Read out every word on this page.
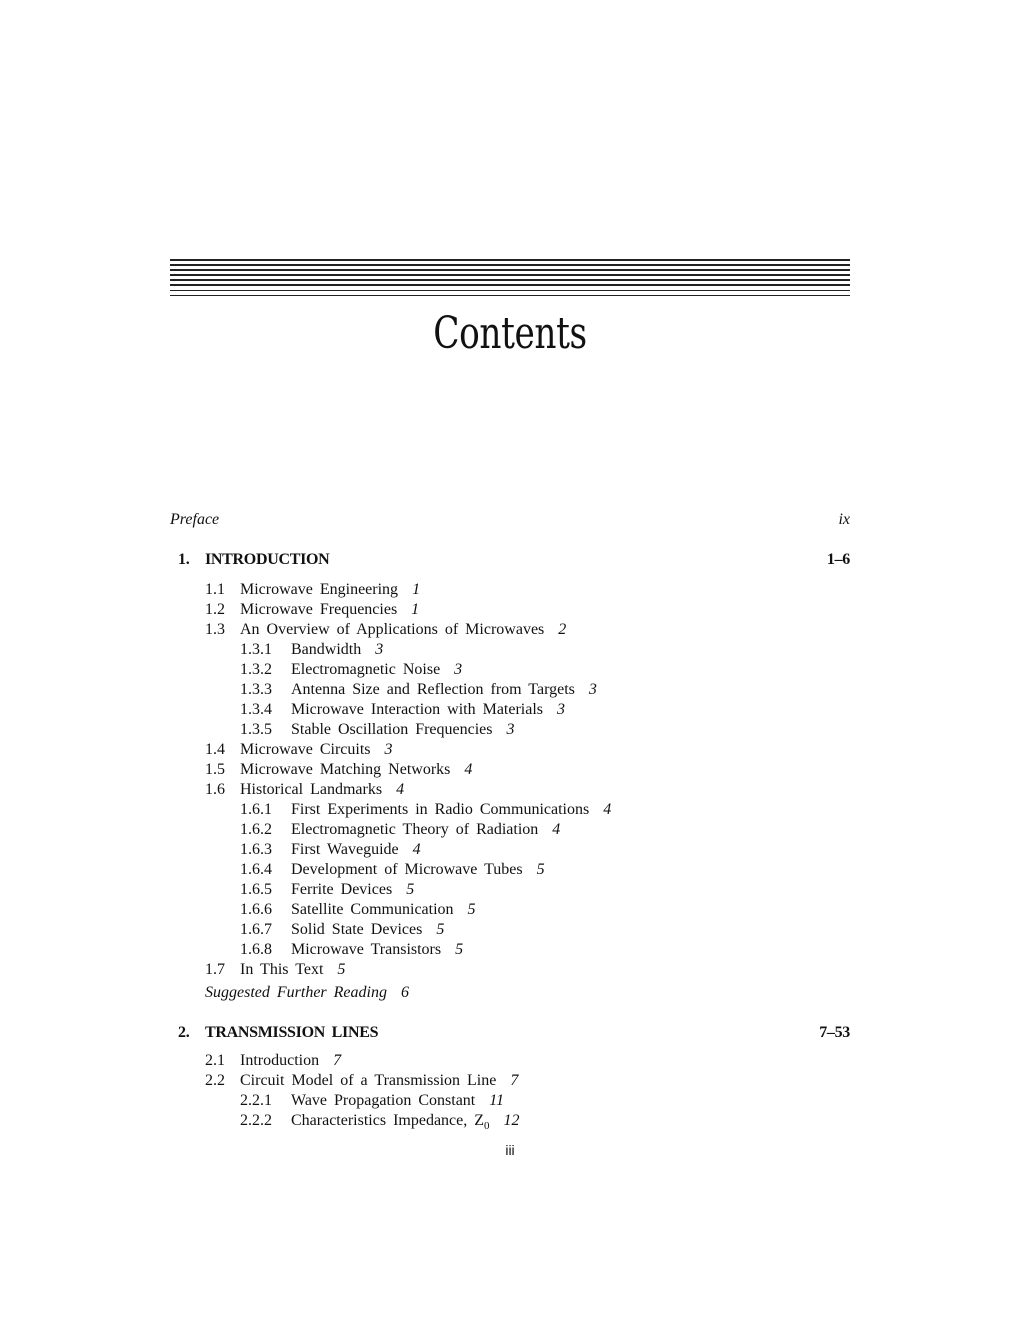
Contents
Preface	ix
1. INTRODUCTION	1–6
1.1 Microwave Engineering 1
1.2 Microwave Frequencies 1
1.3 An Overview of Applications of Microwaves 2
1.3.1 Bandwidth 3
1.3.2 Electromagnetic Noise 3
1.3.3 Antenna Size and Reflection from Targets 3
1.3.4 Microwave Interaction with Materials 3
1.3.5 Stable Oscillation Frequencies 3
1.4 Microwave Circuits 3
1.5 Microwave Matching Networks 4
1.6 Historical Landmarks 4
1.6.1 First Experiments in Radio Communications 4
1.6.2 Electromagnetic Theory of Radiation 4
1.6.3 First Waveguide 4
1.6.4 Development of Microwave Tubes 5
1.6.5 Ferrite Devices 5
1.6.6 Satellite Communication 5
1.6.7 Solid State Devices 5
1.6.8 Microwave Transistors 5
1.7 In This Text 5
Suggested Further Reading 6
2. TRANSMISSION LINES	7–53
2.1 Introduction 7
2.2 Circuit Model of a Transmission Line 7
2.2.1 Wave Propagation Constant 11
2.2.2 Characteristics Impedance, $Z_0$ 12
iii
